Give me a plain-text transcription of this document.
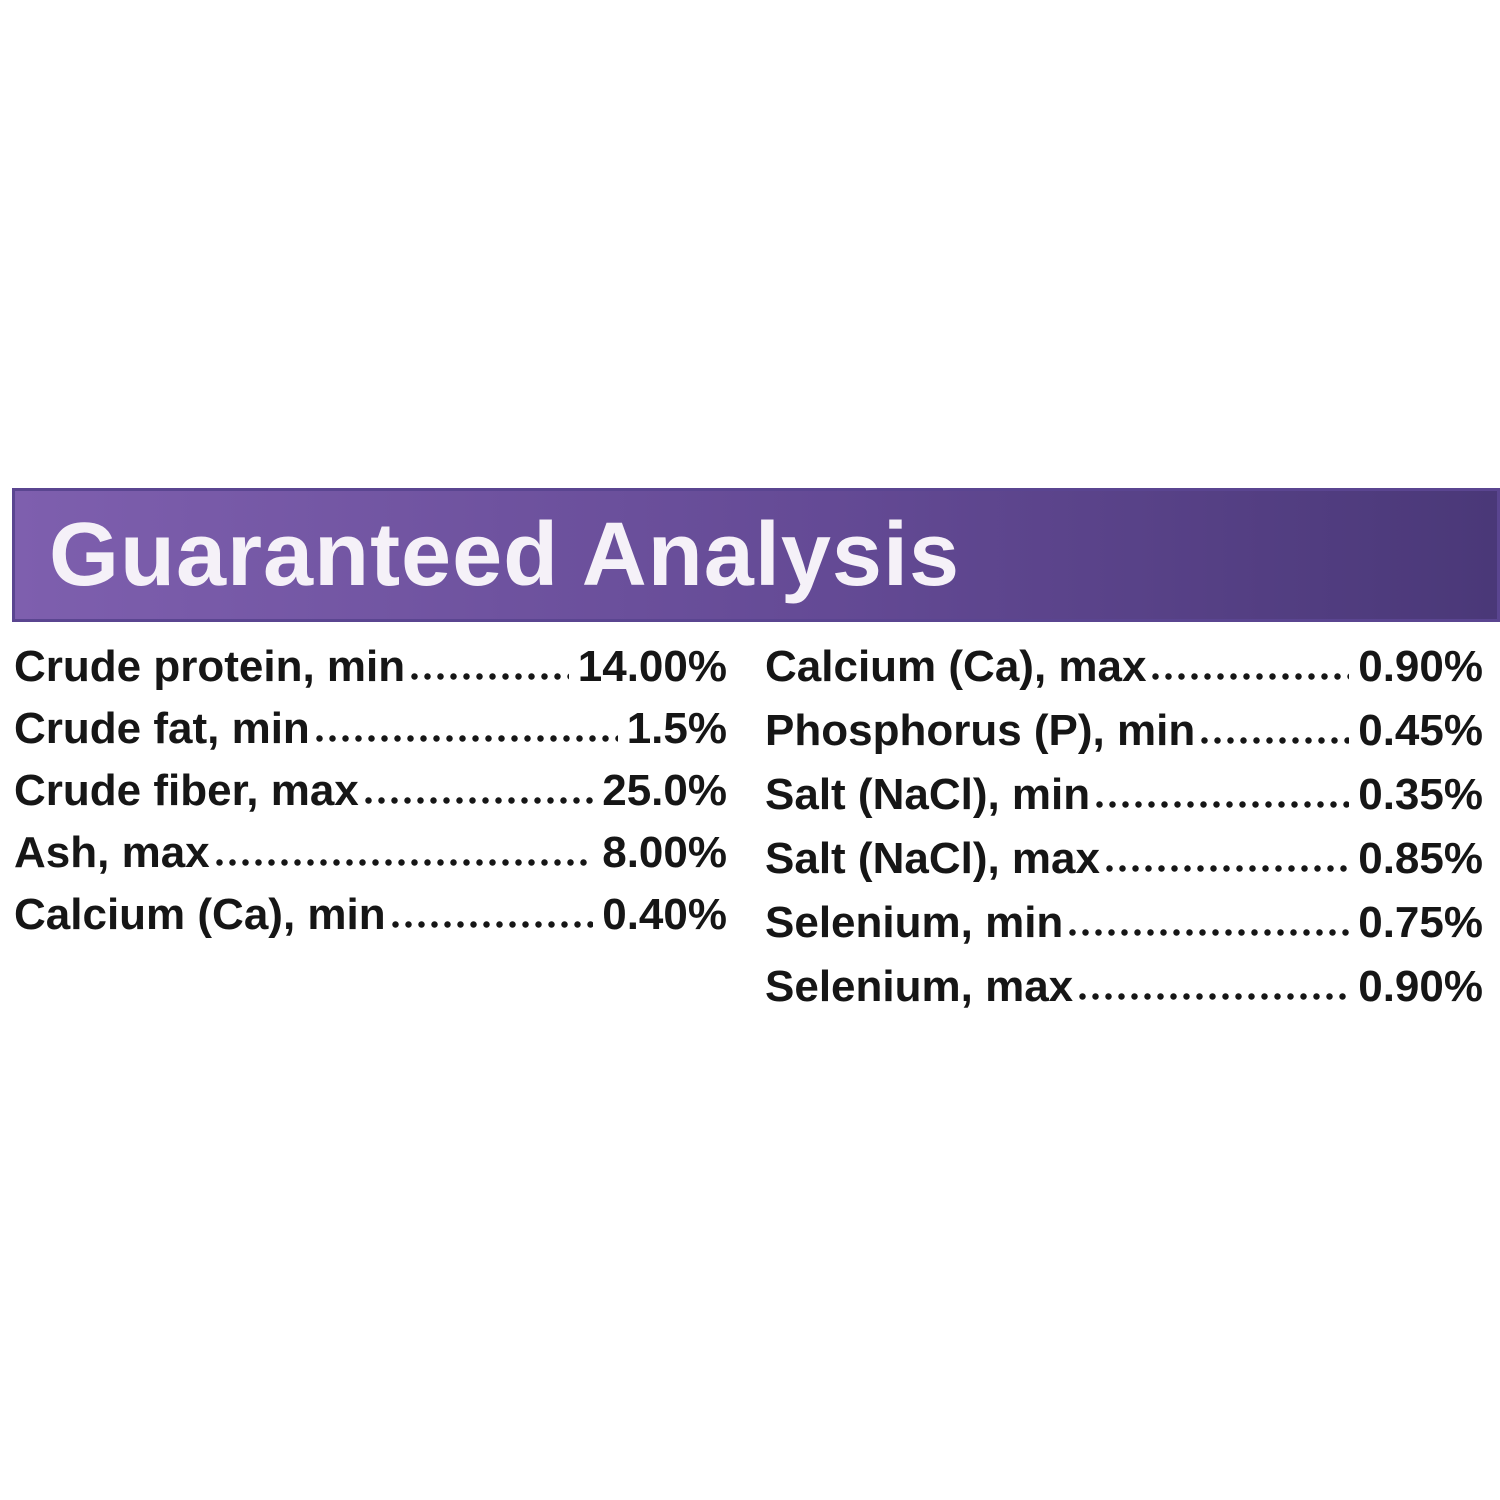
Guaranteed Analysis
Crude protein, min	14.00%
Crude fat, min	1.5%
Crude fiber, max	25.0%
Ash, max	8.00%
Calcium (Ca), min	0.40%
Calcium (Ca), max	0.90%
Phosphorus (P), min	0.45%
Salt (NaCl), min	0.35%
Salt (NaCl), max	0.85%
Selenium, min	0.75%
Selenium, max	0.90%
